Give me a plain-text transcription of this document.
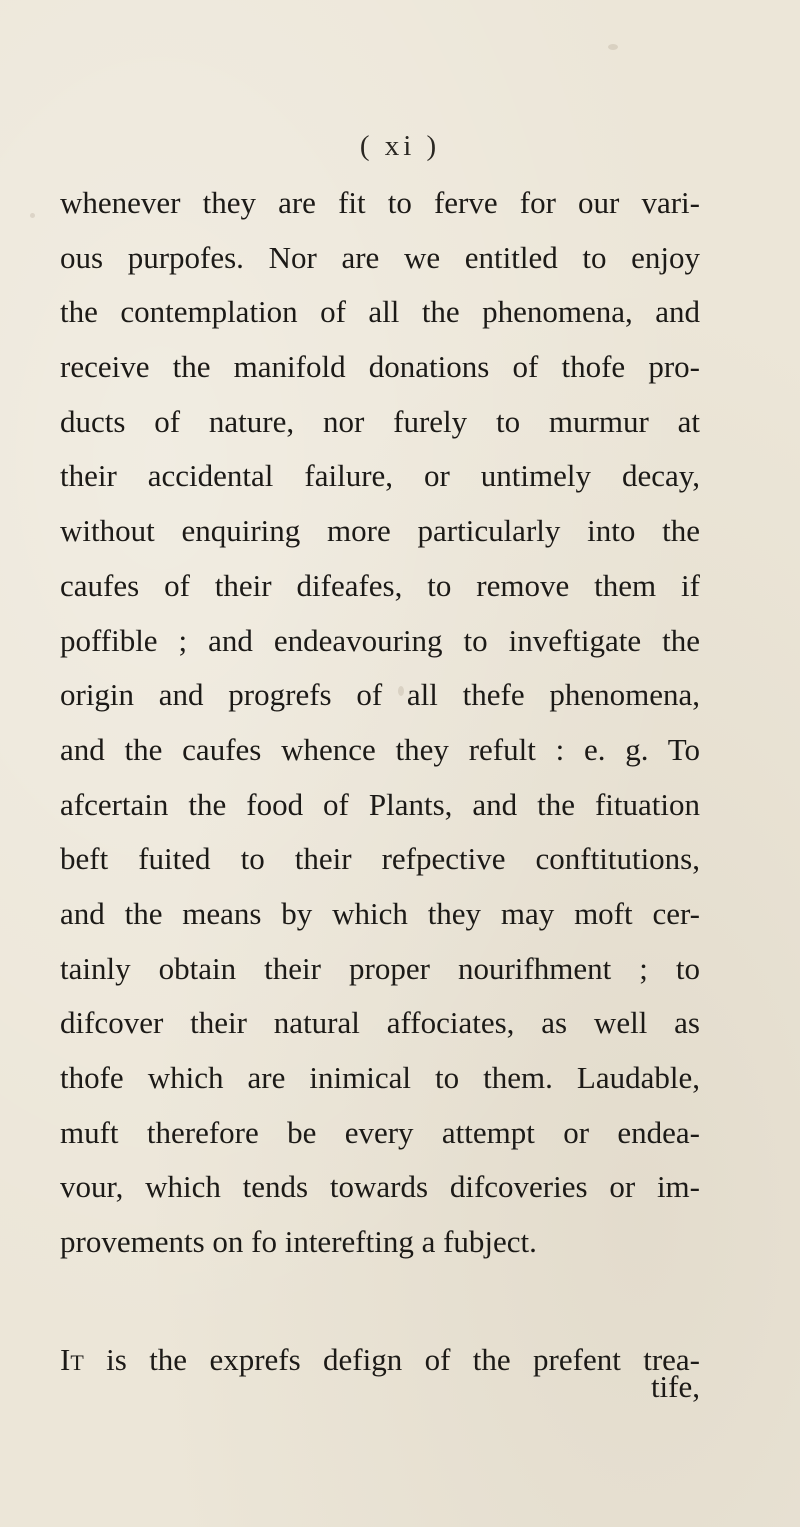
( xi )
whenever they are fit to ferve for our vari-
ous purpofes. Nor are we entitled to enjoy
the contemplation of all the phenomena, and
receive the manifold donations of thofe pro-
ducts of nature, nor furely to murmur at
their accidental failure, or untimely decay,
without enquiring more particularly into the
caufes of their difeafes, to remove them if
poffible ; and endeavouring to inveftigate the
origin and progrefs of all thefe phenomena,
and the caufes whence they refult : e. g. To
afcertain the food of Plants, and the fituation
beft fuited to their refpective conftitutions,
and the means by which they may moft cer-
tainly obtain their proper nourifhment ; to
difcover their natural affociates, as well as
thofe which are inimical to them. Laudable,
muft therefore be every attempt or endea-
vour, which tends towards difcoveries or im-
provements on fo interefting a fubject.
It is the exprefs defign of the prefent trea-
tife,
